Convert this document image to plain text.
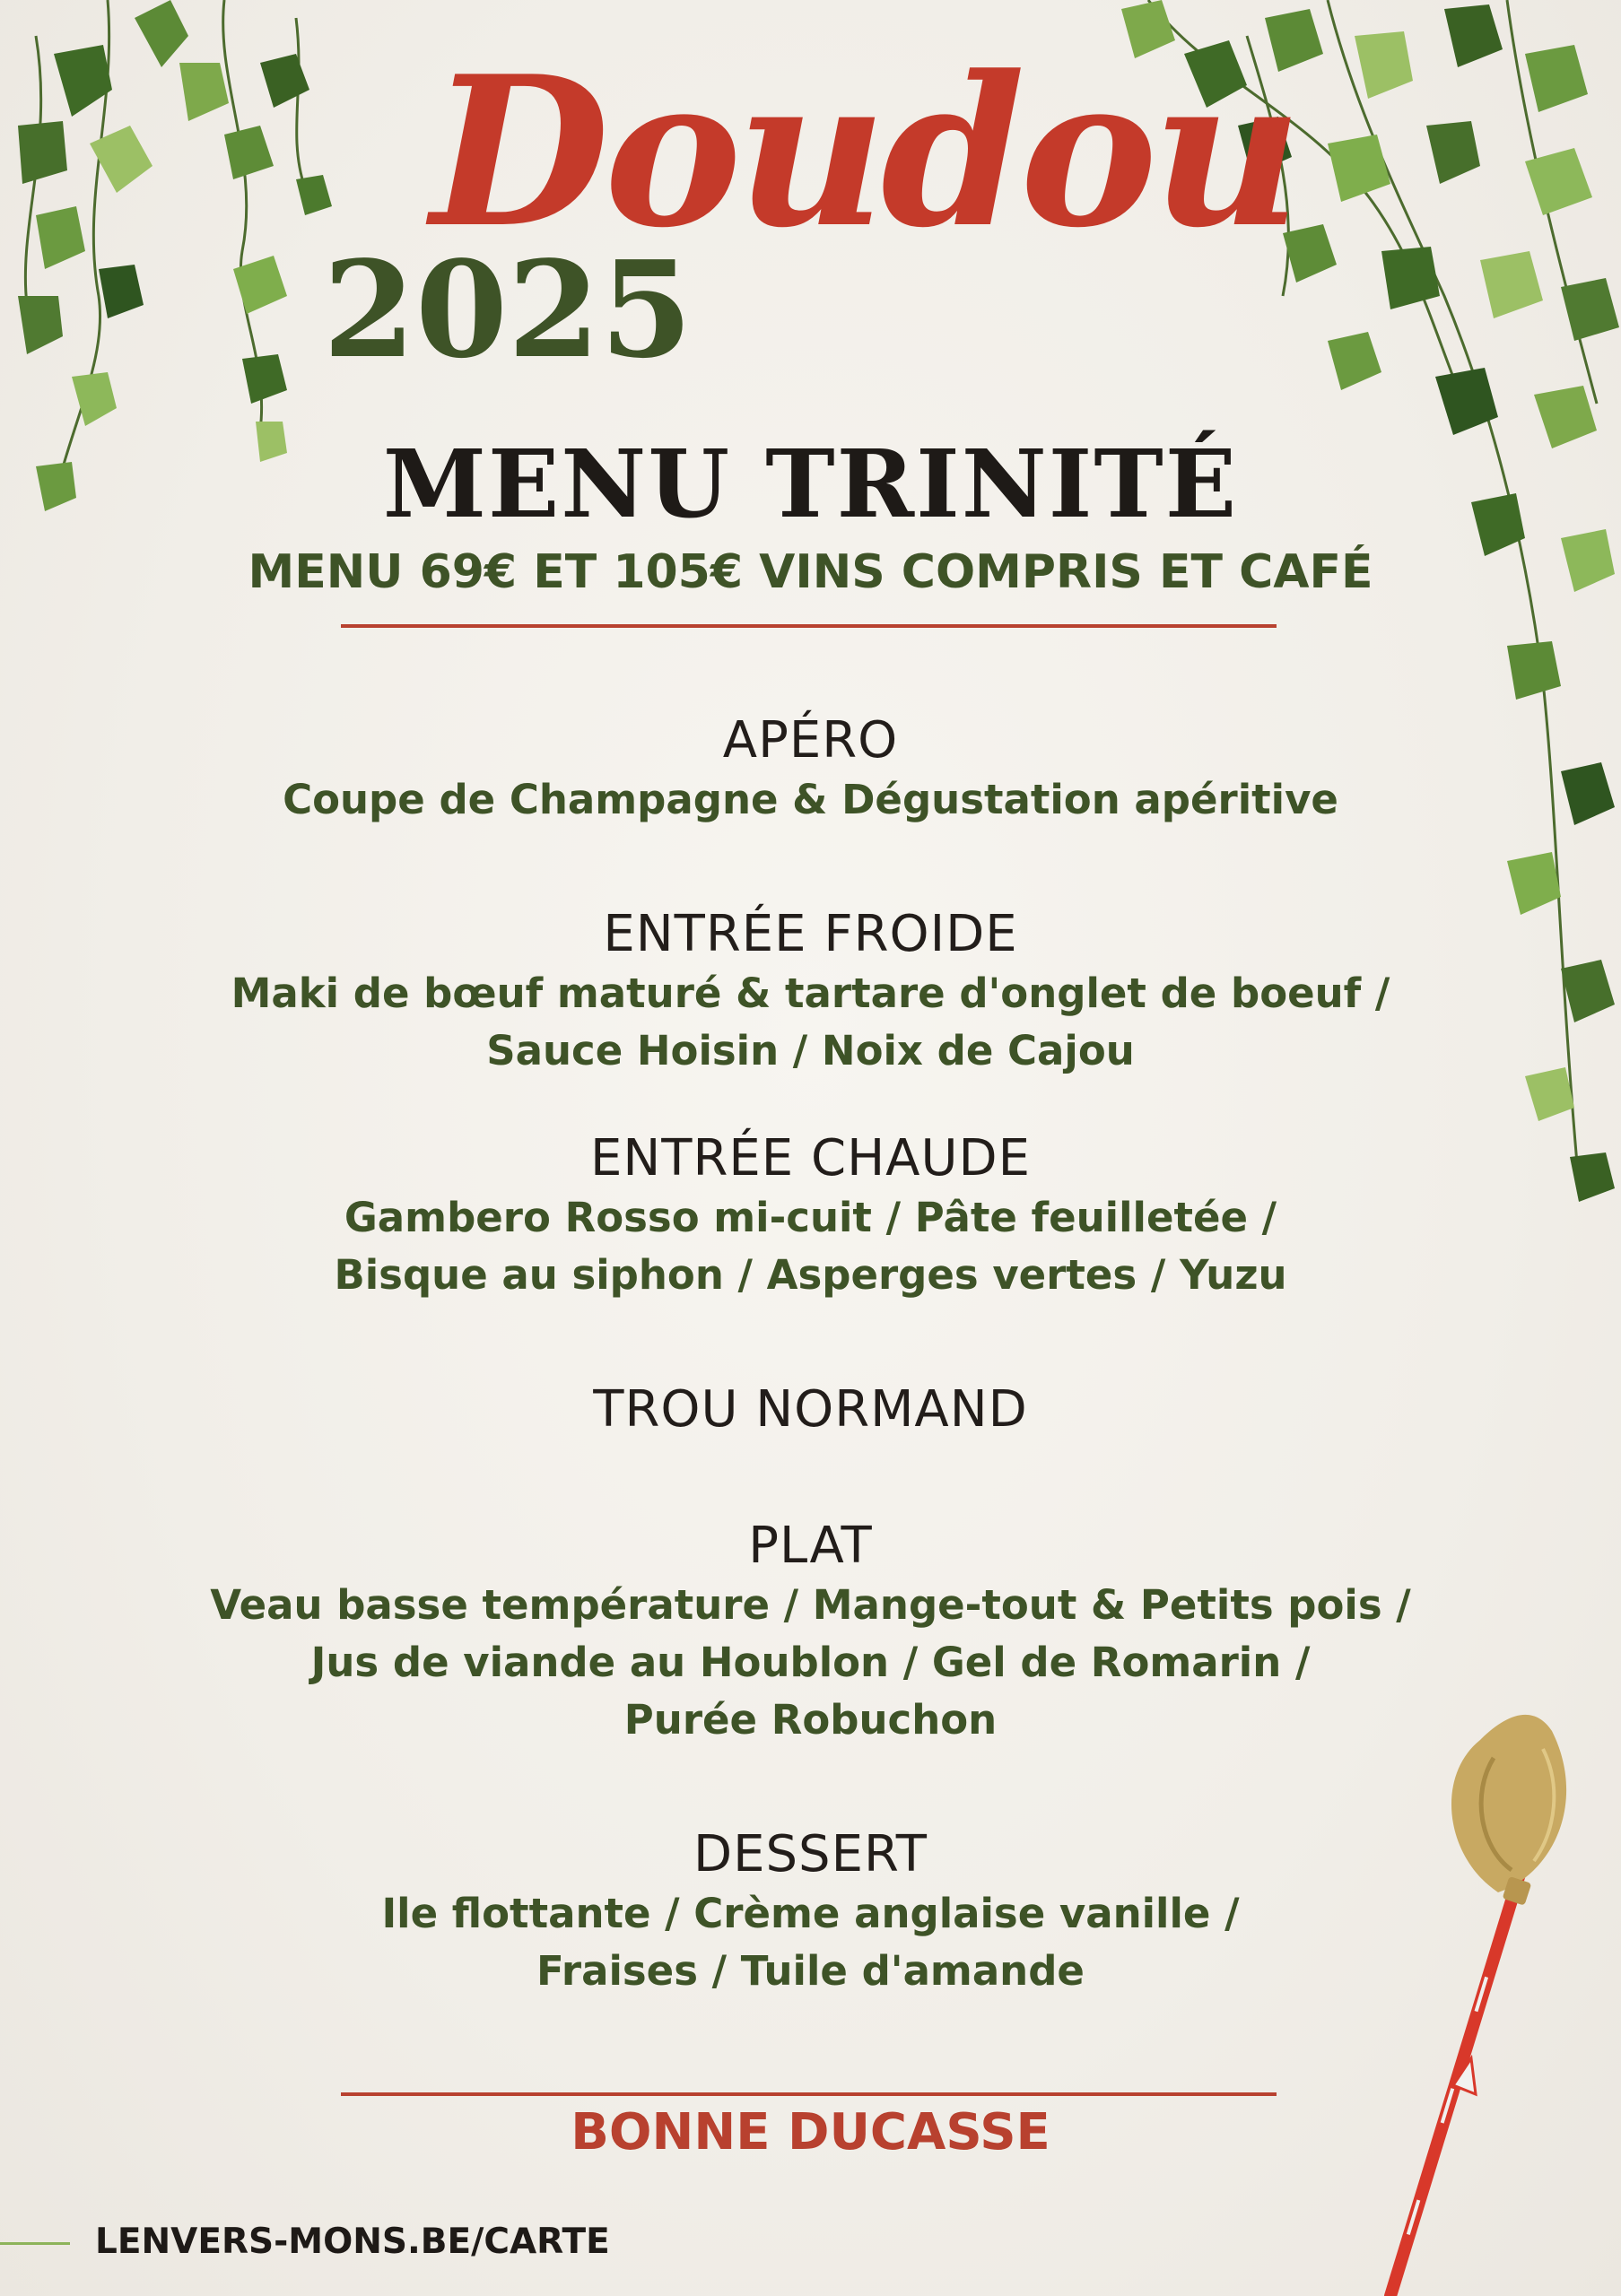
Doudou
2025
MENU TRINITÉ
MENU 69€ ET 105€ VINS COMPRIS ET CAFÉ
APÉRO
Coupe de Champagne & Dégustation apéritive
ENTRÉE FROIDE
Maki de bœuf maturé & tartare d'onglet de boeuf /
Sauce Hoisin / Noix de Cajou
ENTRÉE CHAUDE
Gambero Rosso mi-cuit / Pâte feuilletée /
Bisque au siphon / Asperges vertes / Yuzu
TROU NORMAND
PLAT
Veau basse température / Mange-tout & Petits pois /
Jus de viande au Houblon / Gel de Romarin /
Purée Robuchon
DESSERT
Ile flottante / Crème anglaise vanille /
Fraises / Tuile d'amande
BONNE DUCASSE
LENVERS-MONS.BE/CARTE
